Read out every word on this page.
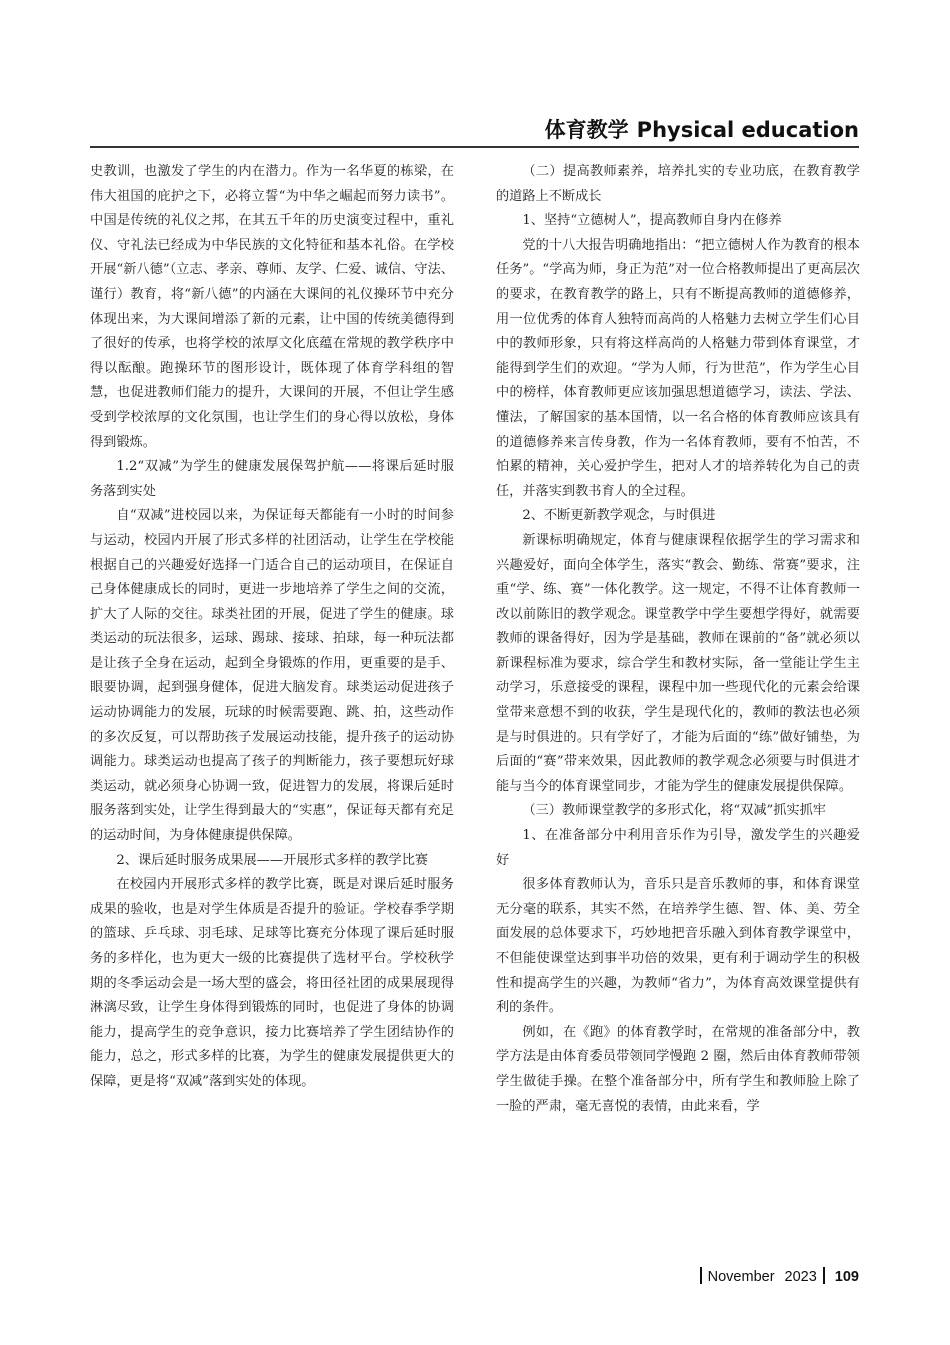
体育教学 Physical education

史教训，也激发了学生的内在潜力。作为一名华夏的栋梁，在伟大祖国的庇护之下，必将立誓“为中华之崛起而努力读书”。中国是传统的礼仪之邦，在其五千年的历史演变过程中，重礼仪、守礼法已经成为中华民族的文化特征和基本礼俗。在学校开展“新八德”（立志、孝亲、尊师、友学、仁爱、诚信、守法、谨行）教育，将“新八德”的内涵在大课间的礼仪操环节中充分体现出来，为大课间增添了新的元素，让中国的传统美德得到了很好的传承，也将学校的浓厚文化底蕴在常规的教学秩序中得以酝酿。跑操环节的图形设计，既体现了体育学科组的智慧，也促进教师们能力的提升，大课间的开展，不但让学生感受到学校浓厚的文化氛围，也让学生们的身心得以放松，身体得到锻炼。

1.2“双减”为学生的健康发展保驾护航——将课后延时服务落到实处

自“双减”进校园以来，为保证每天都能有一小时的时间参与运动，校园内开展了形式多样的社团活动，让学生在学校能根据自己的兴趣爱好选择一门适合自己的运动项目，在保证自己身体健康成长的同时，更进一步地培养了学生之间的交流，扩大了人际的交往。球类社团的开展，促进了学生的健康。球类运动的玩法很多，运球、踢球、接球、拍球，每一种玩法都是让孩子全身在运动，起到全身锻炼的作用，更重要的是手、眼要协调，起到强身健体，促进大脑发育。球类运动促进孩子运动协调能力的发展，玩球的时候需要跑、跳、拍，这些动作的多次反复，可以帮助孩子发展运动技能，提升孩子的运动协调能力。球类运动也提高了孩子的判断能力，孩子要想玩好球类运动，就必须身心协调一致，促进智力的发展，将课后延时服务落到实处，让学生得到最大的“实惠”，保证每天都有充足的运动时间，为身体健康提供保障。

2、课后延时服务成果展——开展形式多样的教学比赛

在校园内开展形式多样的教学比赛，既是对课后延时服务成果的验收，也是对学生体质是否提升的验证。学校春季学期的篮球、乒乓球、羽毛球、足球等比赛充分体现了课后延时服务的多样化，也为更大一级的比赛提供了选材平台。学校秋学期的冬季运动会是一场大型的盛会，将田径社团的成果展现得淋漓尽致，让学生身体得到锻炼的同时，也促进了身体的协调能力，提高学生的竞争意识，接力比赛培养了学生团结协作的能力，总之，形式多样的比赛，为学生的健康发展提供更大的保障，更是将“双减”落到实处的体现。

（二）提高教师素养，培养扎实的专业功底，在教育教学的道路上不断成长

1、坚持“立德树人”，提高教师自身内在修养

党的十八大报告明确地指出：“把立德树人作为教育的根本任务”。“学高为师，身正为范”对一位合格教师提出了更高层次的要求，在教育教学的路上，只有不断提高教师的道德修养，用一位优秀的体育人独特而高尚的人格魅力去树立学生们心目中的教师形象，只有将这样高尚的人格魅力带到体育课堂，才能得到学生们的欢迎。“学为人师，行为世范”，作为学生心目中的榜样，体育教师更应该加强思想道德学习，读法、学法、懂法，了解国家的基本国情，以一名合格的体育教师应该具有的道德修养来言传身教，作为一名体育教师，要有不怕苦，不怕累的精神，关心爱护学生，把对人才的培养转化为自己的责任，并落实到教书育人的全过程。

2、不断更新教学观念，与时俱进

新课标明确规定，体育与健康课程依据学生的学习需求和兴趣爱好，面向全体学生，落实“教会、勤练、常赛”要求，注重“学、练、赛”一体化教学。这一规定，不得不让体育教师一改以前陈旧的教学观念。课堂教学中学生要想学得好，就需要教师的课备得好，因为学是基础，教师在课前的“备”就必须以新课程标准为要求，综合学生和教材实际，备一堂能让学生主动学习，乐意接受的课程，课程中加一些现代化的元素会给课堂带来意想不到的收获，学生是现代化的，教师的教法也必须是与时俱进的。只有学好了，才能为后面的“练”做好铺垫，为后面的“赛”带来效果，因此教师的教学观念必须要与时俱进才能与当今的体育课堂同步，才能为学生的健康发展提供保障。

（三）教师课堂教学的多形式化，将“双减”抓实抓牢

1、在准备部分中利用音乐作为引导，激发学生的兴趣爱好

很多体育教师认为，音乐只是音乐教师的事，和体育课堂无分毫的联系，其实不然，在培养学生德、智、体、美、劳全面发展的总体要求下，巧妙地把音乐融入到体育教学课堂中，不但能使课堂达到事半功倍的效果，更有利于调动学生的积极性和提高学生的兴趣，为教师“省力”，为体育高效课堂提供有利的条件。

例如，在《跑》的体育教学时，在常规的准备部分中，教学方法是由体育委员带领同学慢跑 2 圈，然后由体育教师带领学生做徒手操。在整个准备部分中，所有学生和教师脸上除了一脸的严肃，毫无喜悦的表情，由此来看，学

November 2023 109
